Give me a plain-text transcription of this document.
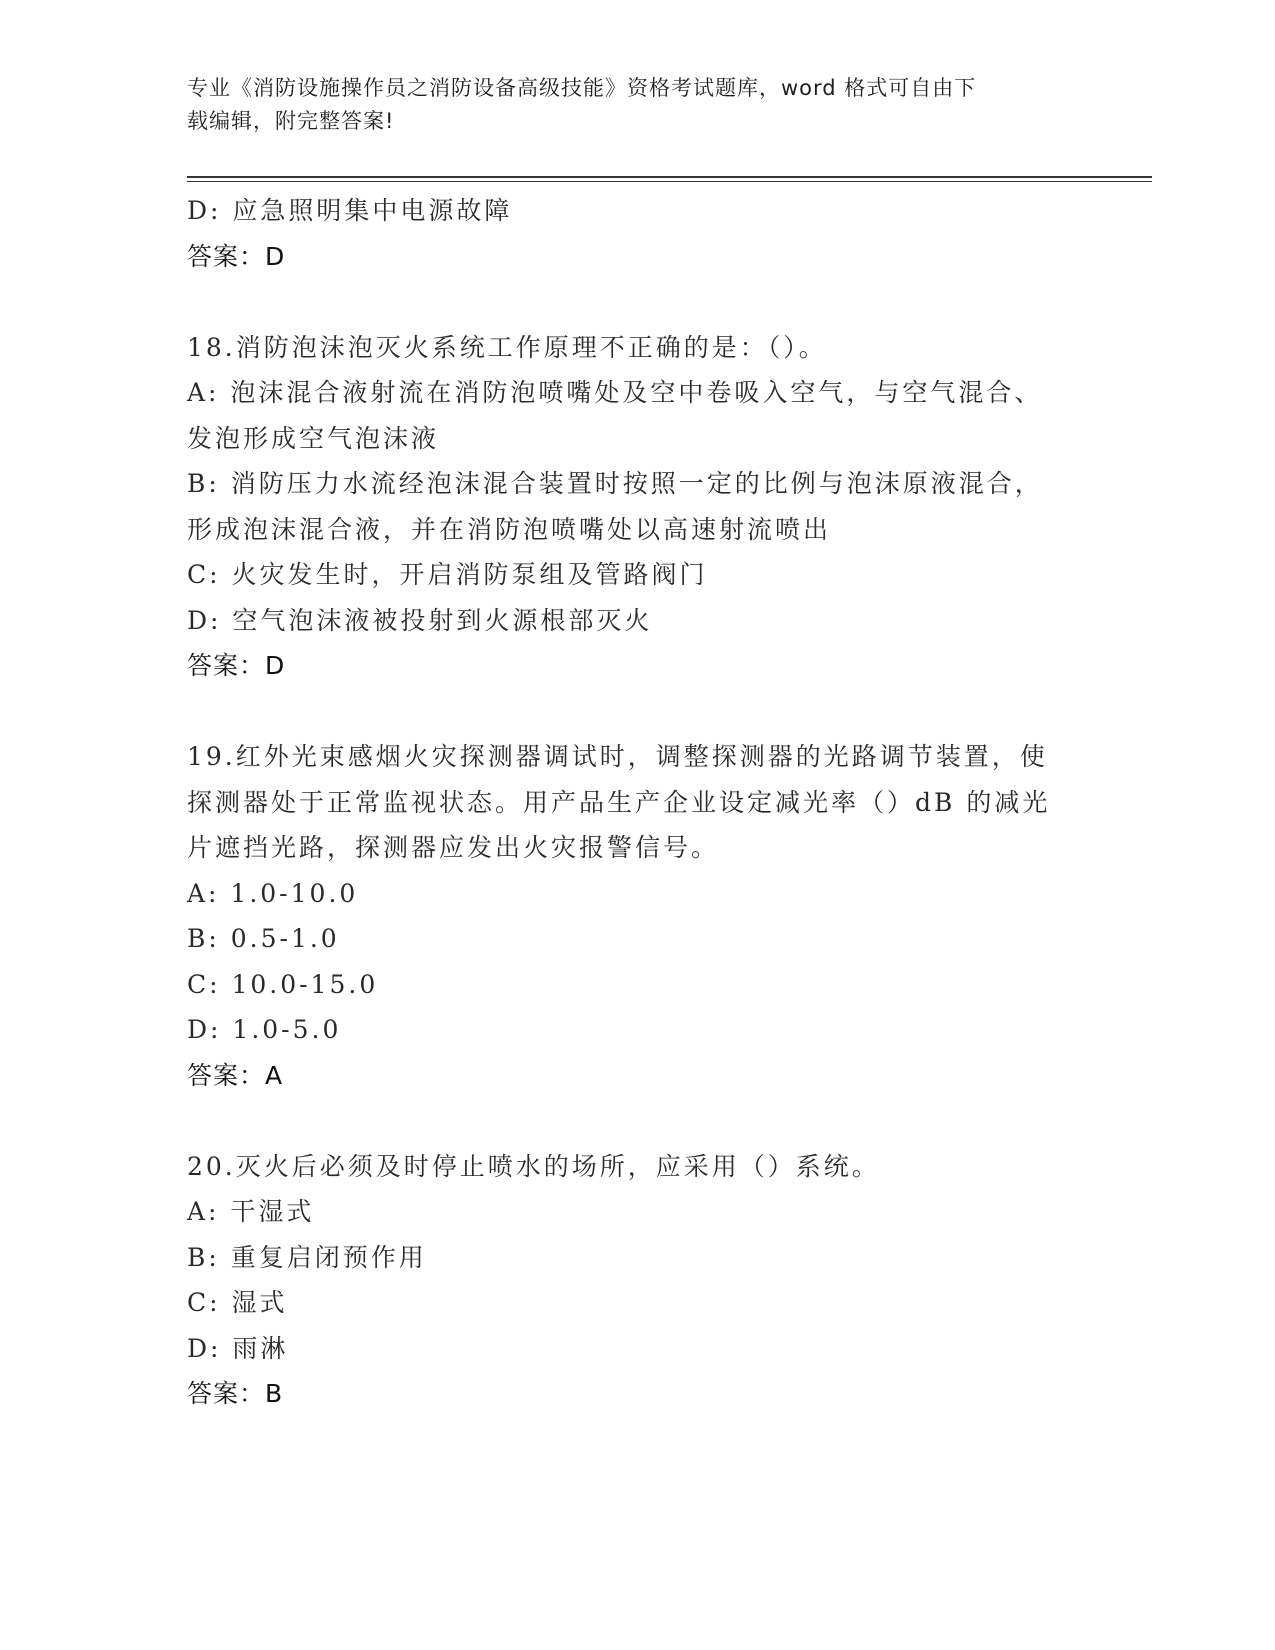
专业《消防设施操作员之消防设备高级技能》资格考试题库，word 格式可自由下
载编辑，附完整答案!
D: 应急照明集中电源故障
答案：D
18.消防泡沫泡灭火系统工作原理不正确的是：（）。
A: 泡沫混合液射流在消防泡喷嘴处及空中卷吸入空气，与空气混合、
发泡形成空气泡沫液
B: 消防压力水流经泡沫混合装置时按照一定的比例与泡沫原液混合，
形成泡沫混合液，并在消防泡喷嘴处以高速射流喷出
C: 火灾发生时，开启消防泵组及管路阀门
D: 空气泡沫液被投射到火源根部灭火
答案：D
19.红外光束感烟火灾探测器调试时，调整探测器的光路调节装置，使
探测器处于正常监视状态。用产品生产企业设定减光率（）dB 的减光
片遮挡光路，探测器应发出火灾报警信号。
A: 1.0-10.0
B: 0.5-1.0
C: 10.0-15.0
D: 1.0-5.0
答案：A
20.灭火后必须及时停止喷水的场所，应采用（）系统。
A: 干湿式
B: 重复启闭预作用
C: 湿式
D: 雨淋
答案：B
